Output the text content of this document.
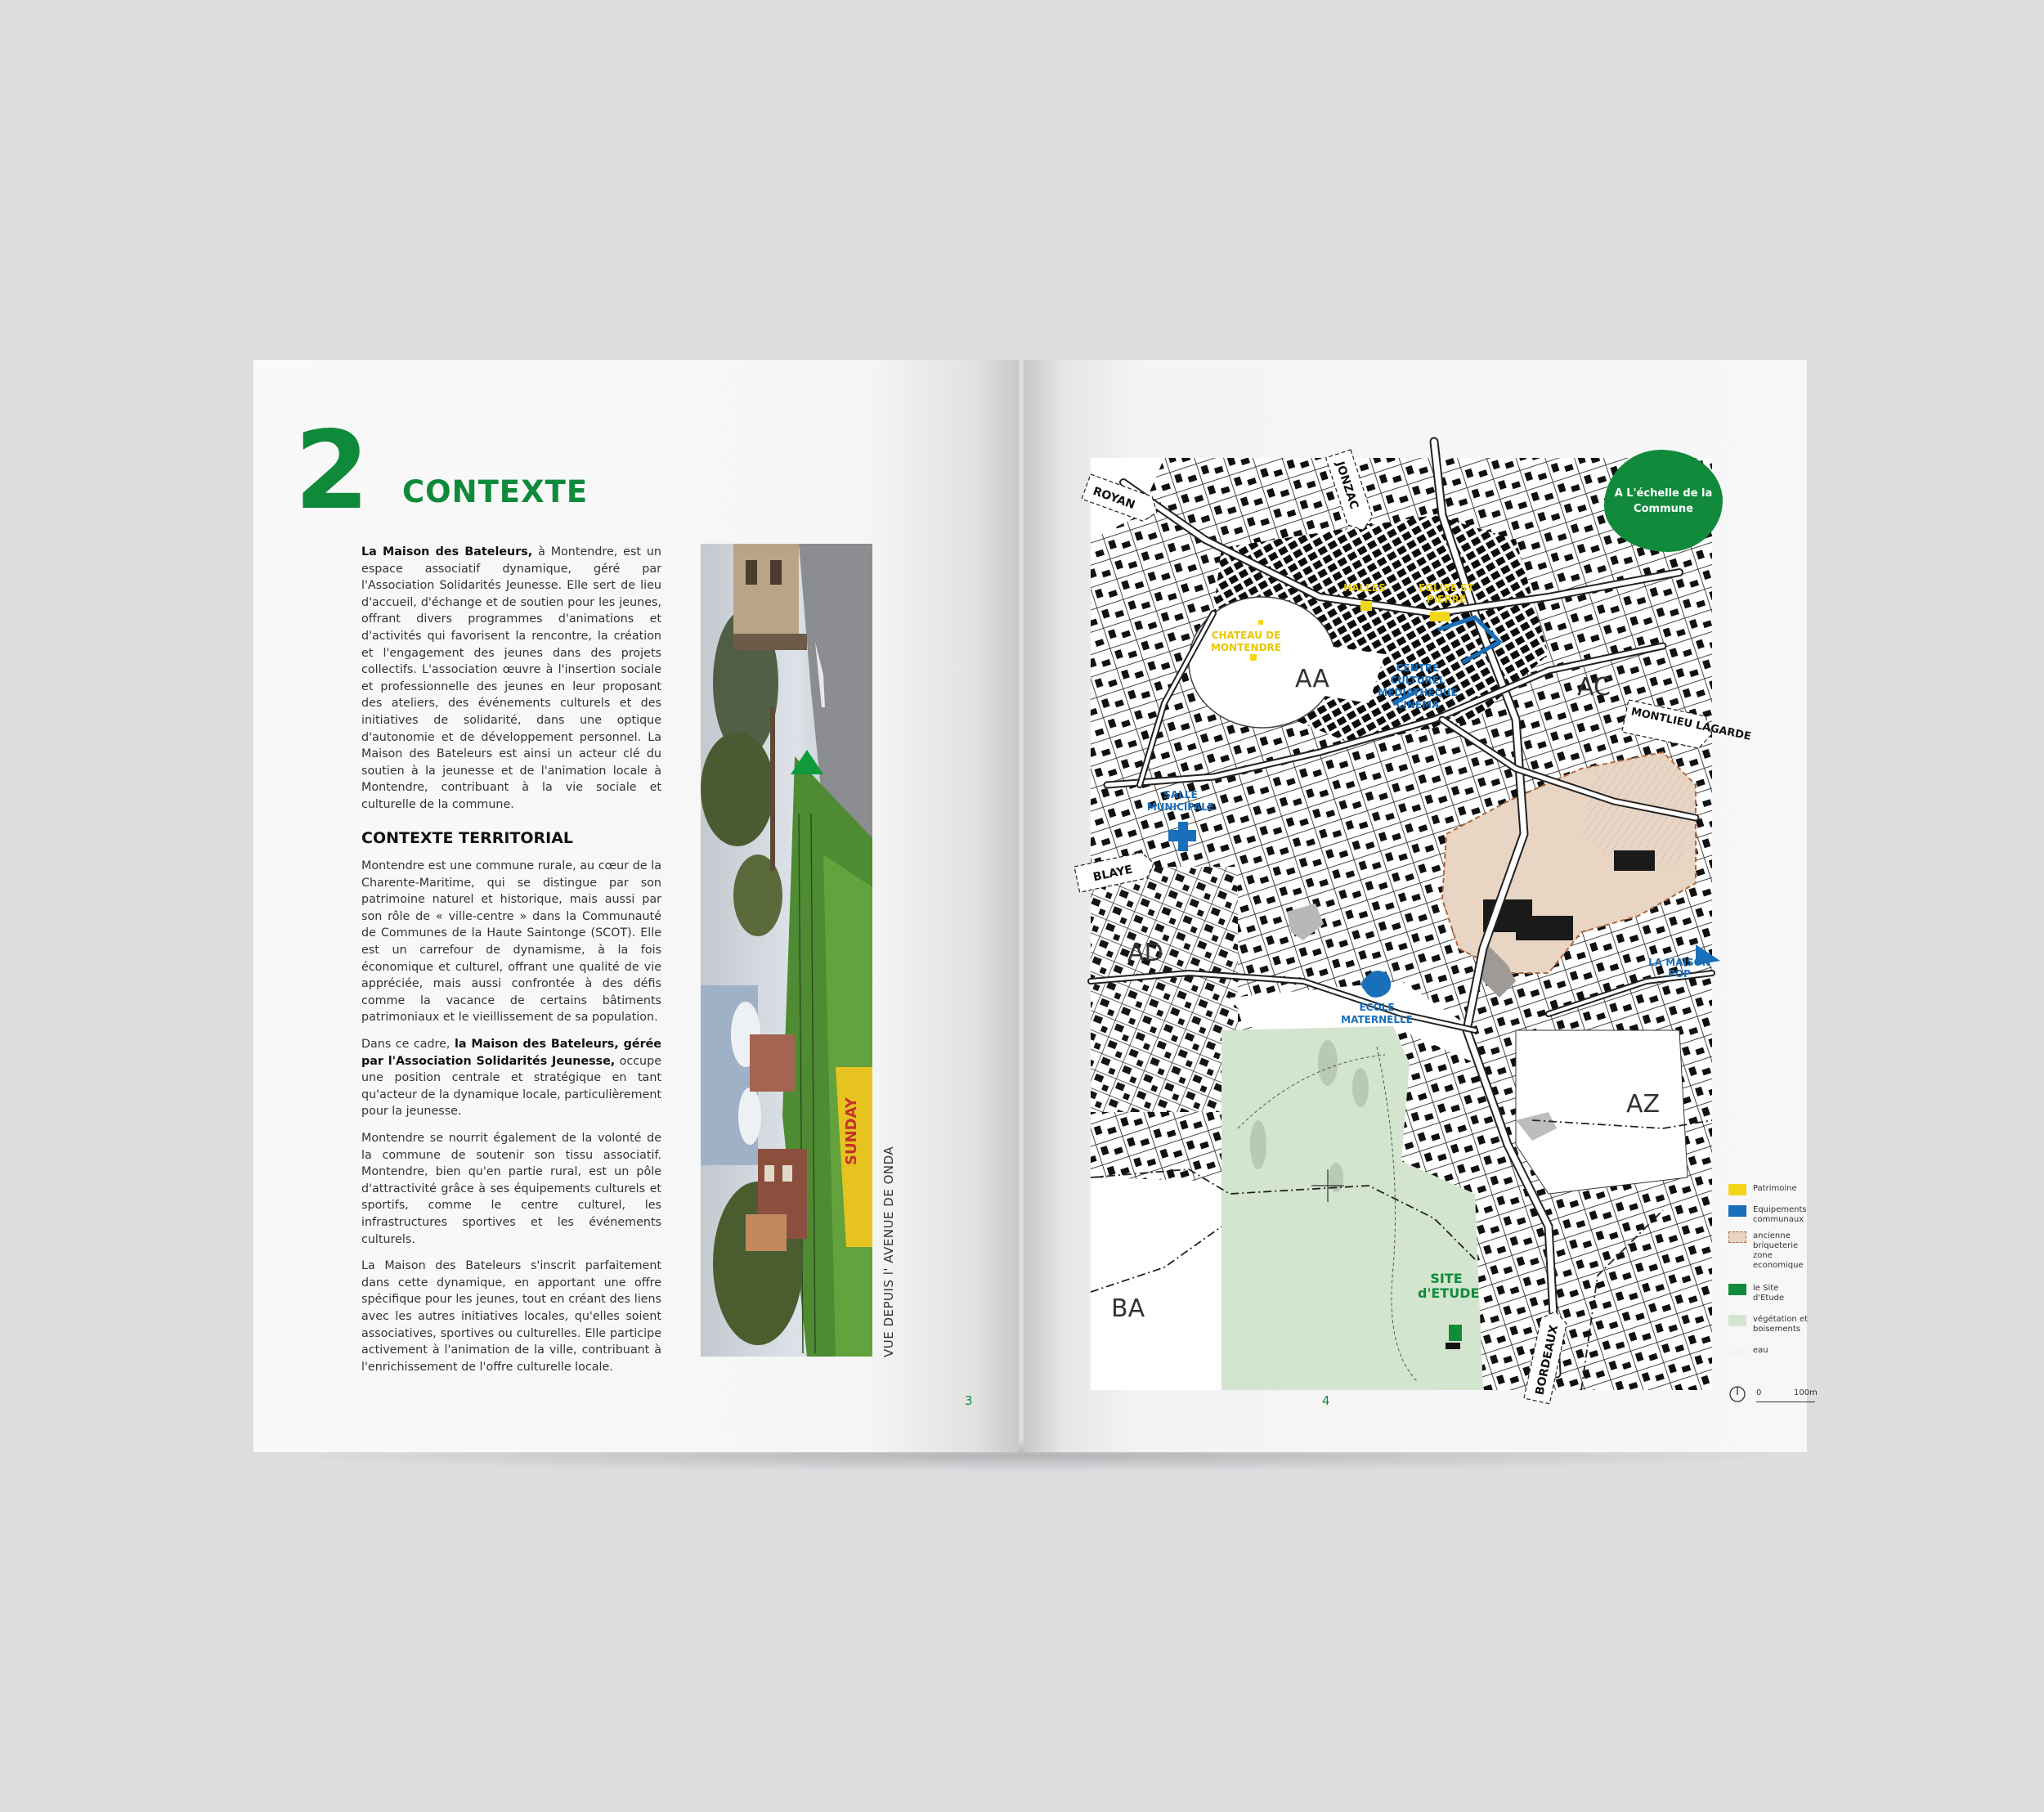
2 CONTEXTE

La Maison des Bateleurs, à Montendre, est un espace associatif dynamique, géré par l'Association Solidarités Jeunesse. Elle sert de lieu d'accueil, d'échange et de soutien pour les jeunes, offrant divers programmes d'animations et d'activités qui favorisent la rencontre, la création et l'engagement des jeunes dans des projets collectifs. L'association œuvre à l'insertion sociale et professionnelle des jeunes en leur proposant des ateliers, des événements culturels et des initiatives de solidarité, dans une optique d'autonomie et de développement personnel. La Maison des Bateleurs est ainsi un acteur clé du soutien à la jeunesse et de l'animation locale à Montendre, contribuant à la vie sociale et culturelle de la commune.

CONTEXTE TERRITORIAL

Montendre est une commune rurale, au cœur de la Charente-Maritime, qui se distingue par son patrimoine naturel et historique, mais aussi par son rôle de « ville-centre » dans la Communauté de Communes de la Haute Saintonge (SCOT). Elle est un carrefour de dynamisme, à la fois économique et culturel, offrant une qualité de vie appréciée, mais aussi confrontée à des défis comme la vacance de certains bâtiments patrimoniaux et le vieillissement de sa population.

Dans ce cadre, la Maison des Bateleurs, gérée par l'Association Solidarités Jeunesse, occupe une position centrale et stratégique en tant qu'acteur de la dynamique locale, particulièrement pour la jeunesse.

Montendre se nourrit également de la volonté de la commune de soutenir son tissu associatif. Montendre, bien qu'en partie rural, est un pôle d'attractivité grâce à ses équipements culturels et sportifs, comme le centre culturel, les infrastructures sportives et les événements culturels.

La Maison des Bateleurs s'inscrit parfaitement dans cette dynamique, en apportant une offre spécifique pour les jeunes, tout en créant des liens avec les autres initiatives locales, qu'elles soient associatives, sportives ou culturelles. Elle participe activement à l'animation de la ville, contribuant à l'enrichissement de l'offre culturelle locale.

SUNDAY
VUE DEPUIS l' AVENUE DE ONDA
3
ROYAN	JONZAC
MONTLIEU LAGARDE
BLAYE
BORDEAUX
AA	AC
AD
AZ
BA
HALLES	EGLISE ST PIERRE
CHATEAU DE MONTENDRE
CENTRE CULTUREL MEDIATHEQUE CINEMA
SALLE MUNICIPALE
ECOLE MATERNELLE
LA MAISON POP
SITE d'ETUDE
A L'échelle de la Commune
Patrimoine
Equipements communaux
ancienne briqueterie zone economique
le Site d'Etude
végétation et boisements
eau
0	100m
4
